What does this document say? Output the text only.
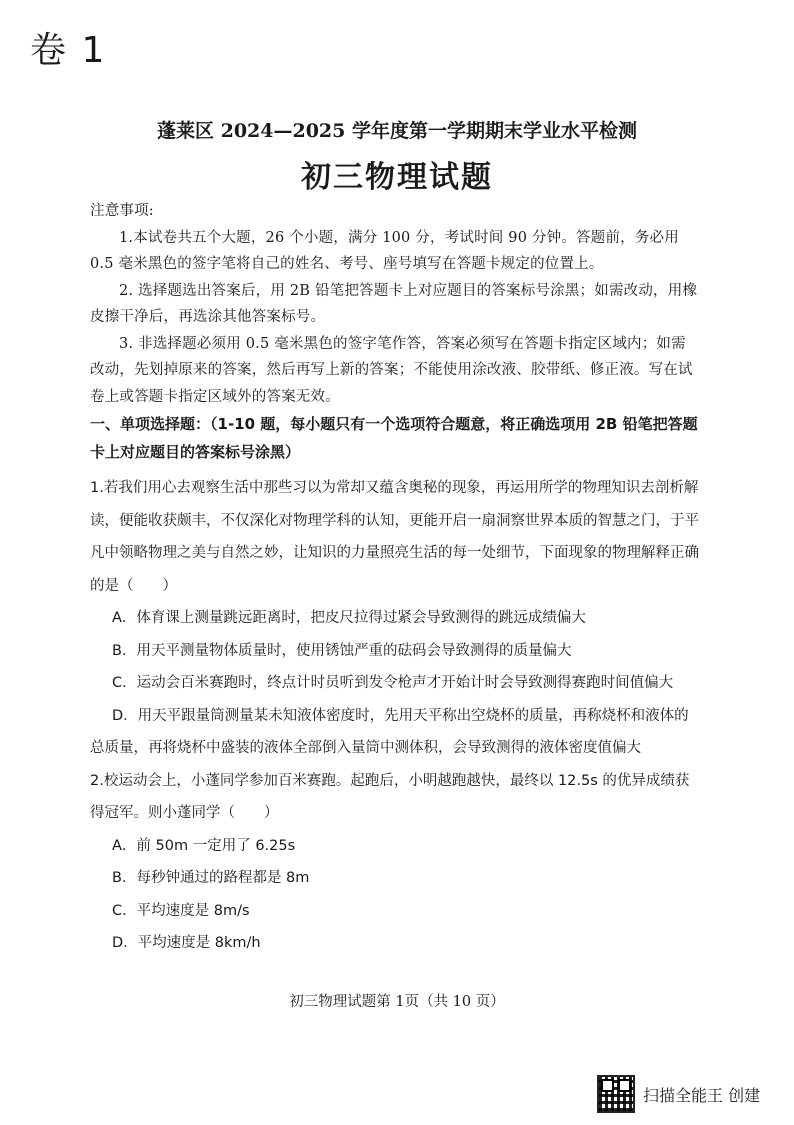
卷 1
蓬莱区 2024—2025 学年度第一学期期末学业水平检测
初三物理试题

注意事项:

1.本试卷共五个大题，26 个小题，满分 100 分，考试时间 90 分钟。答题前，务必用 0.5 毫米黑色的签字笔将自己的姓名、考号、座号填写在答题卡规定的位置上。

2. 选择题选出答案后，用 2B 铅笔把答题卡上对应题目的答案标号涂黑；如需改动，用橡皮擦干净后，再选涂其他答案标号。

3. 非选择题必须用 0.5 毫米黑色的签字笔作答，答案必须写在答题卡指定区域内；如需改动，先划掉原来的答案，然后再写上新的答案；不能使用涂改液、胶带纸、修正液。写在试卷上或答题卡指定区域外的答案无效。

一、单项选择题：（1-10 题，每小题只有一个选项符合题意，将正确选项用 2B 铅笔把答题卡上对应题目的答案标号涂黑）

1.若我们用心去观察生活中那些习以为常却又蕴含奥秘的现象，再运用所学的物理知识去剖析解读，便能收获颇丰，不仅深化对物理学科的认知，更能开启一扇洞察世界本质的智慧之门，于平凡中领略物理之美与自然之妙，让知识的力量照亮生活的每一处细节，下面现象的物理解释正确的是（　　）

A．体育课上测量跳远距离时，把皮尺拉得过紧会导致测得的跳远成绩偏大

B．用天平测量物体质量时，使用锈蚀严重的砝码会导致测得的质量偏大

C．运动会百米赛跑时，终点计时员听到发令枪声才开始计时会导致测得赛跑时间值偏大

D．用天平跟量筒测量某未知液体密度时，先用天平称出空烧杯的质量，再称烧杯和液体的总质量，再将烧杯中盛装的液体全部倒入量筒中测体积，会导致测得的液体密度值偏大

2.校运动会上，小蓬同学参加百米赛跑。起跑后，小明越跑越快，最终以 12.5s 的优异成绩获得冠军。则小蓬同学（　　）

A．前 50m 一定用了 6.25s

B．每秒钟通过的路程都是 8m

C．平均速度是 8m/s

D．平均速度是 8km/h

初三物理试题第 1页（共 10 页）
扫描全能王 创建
